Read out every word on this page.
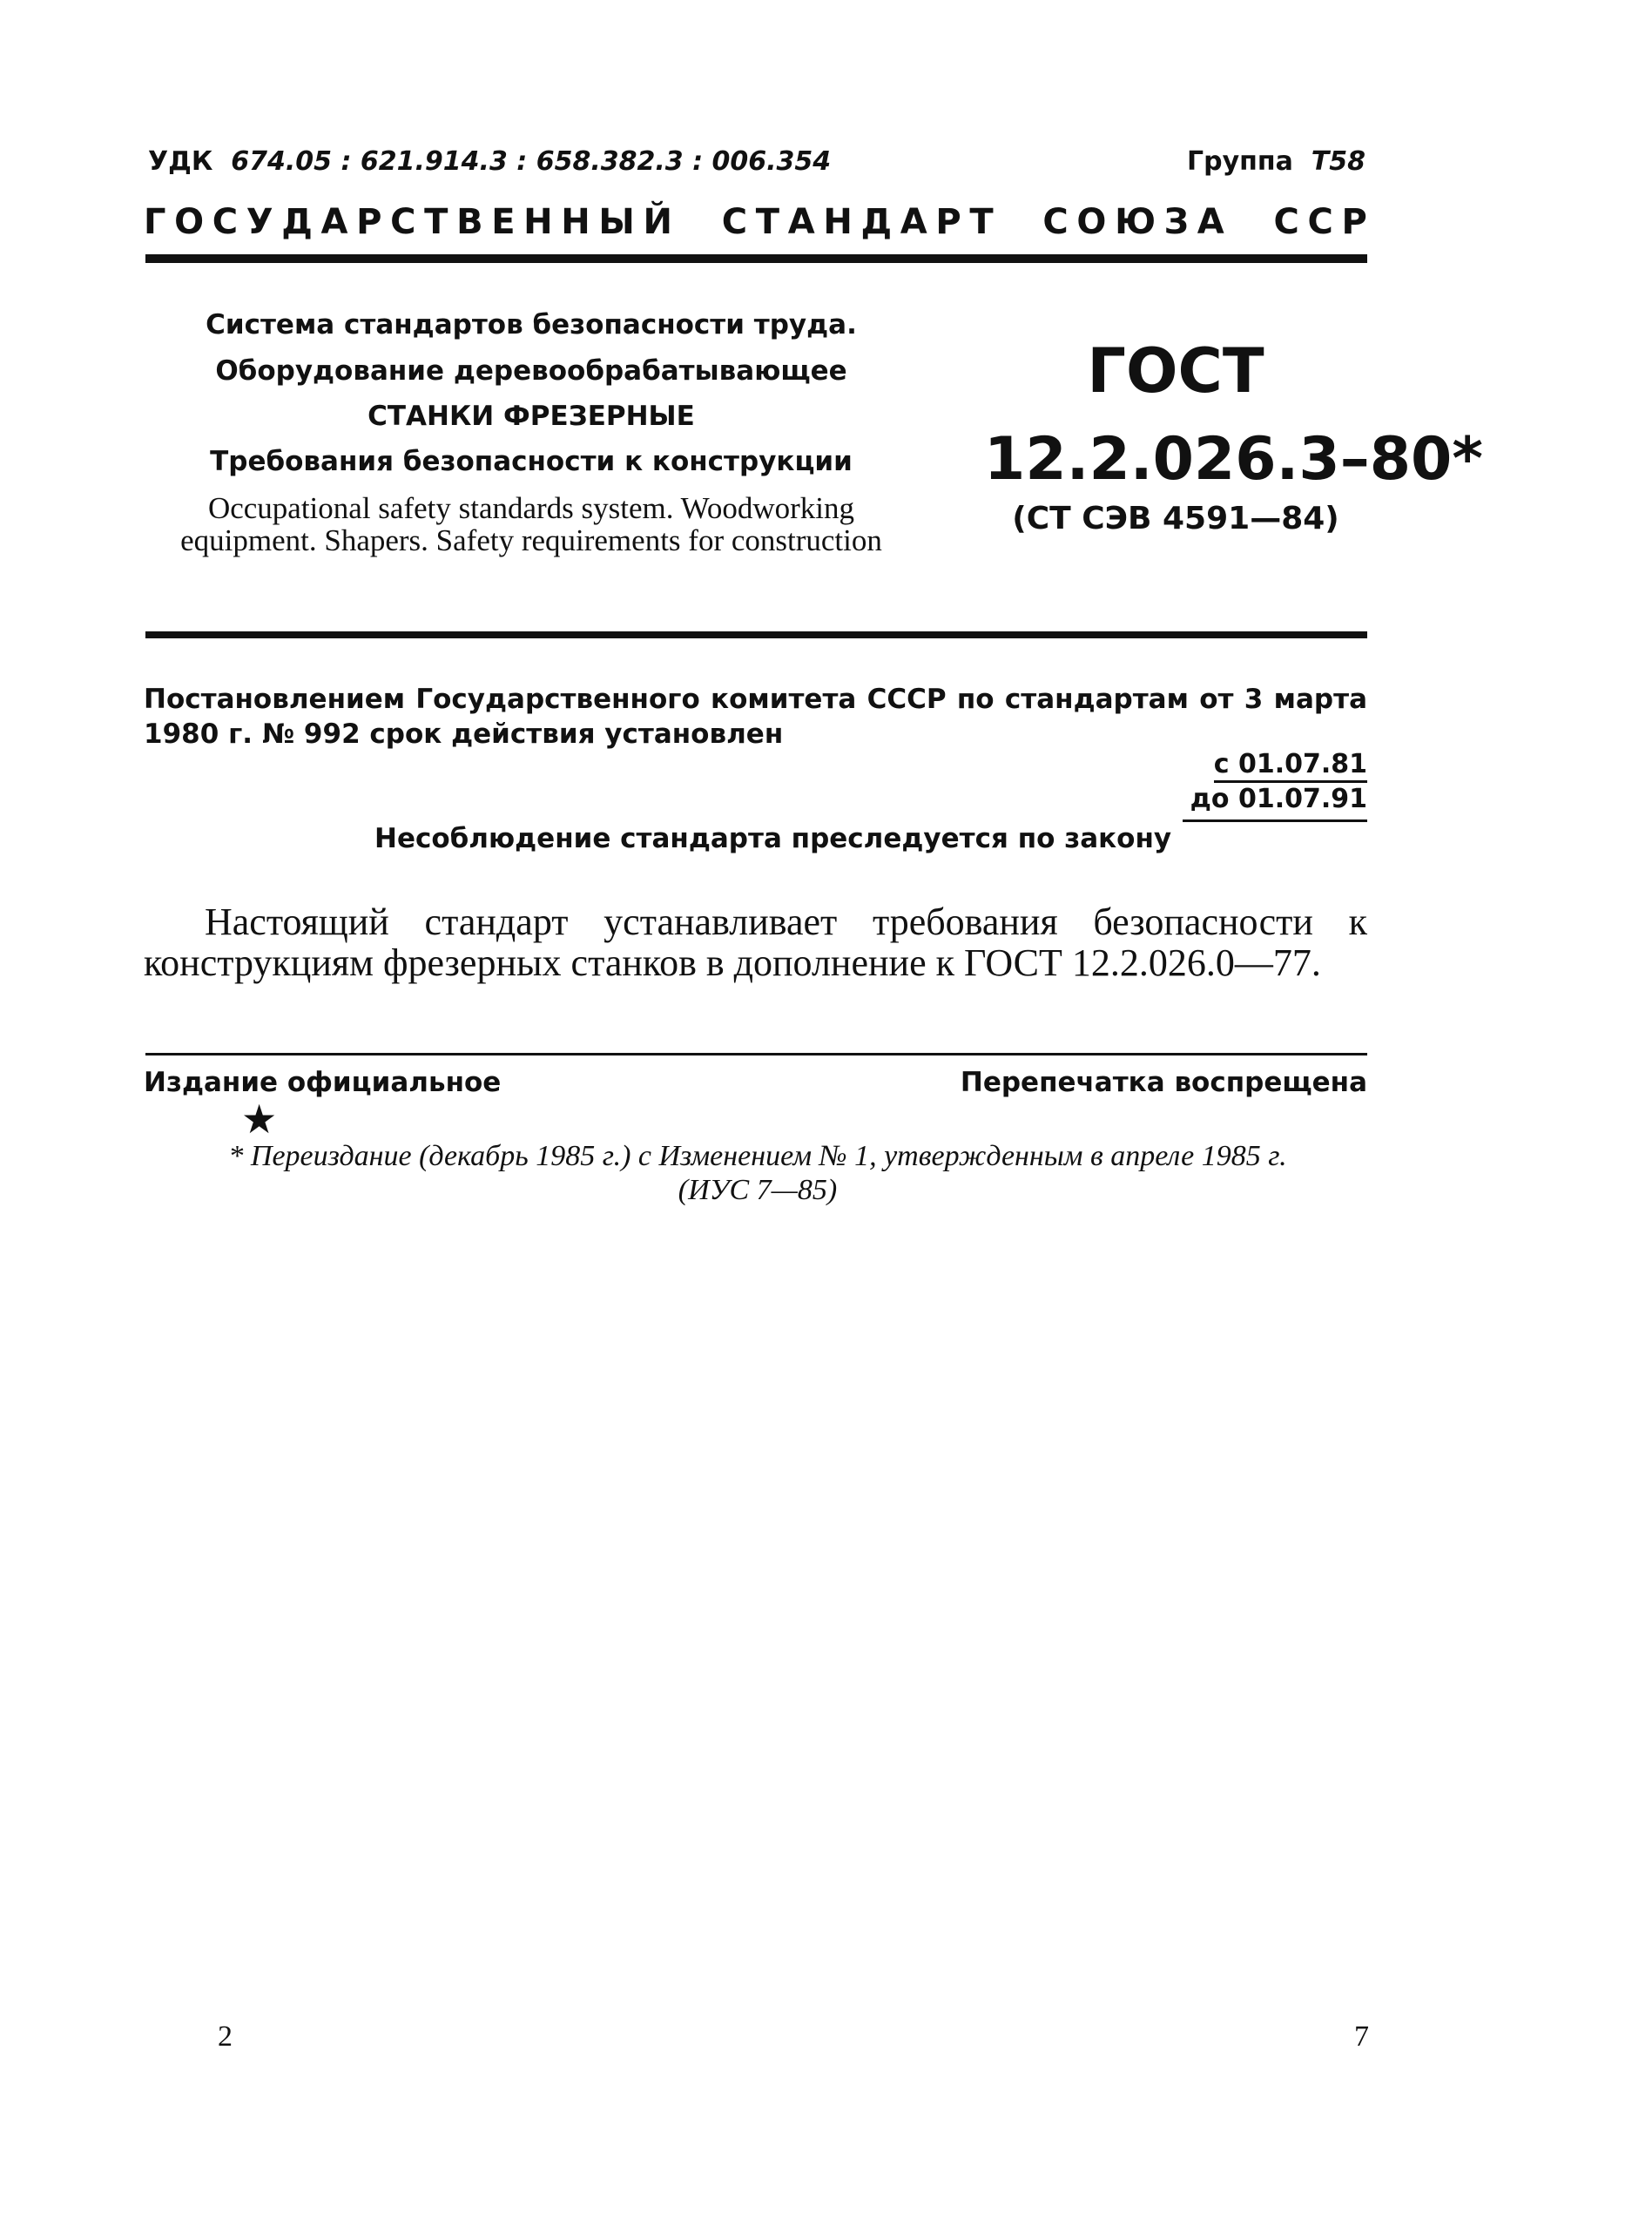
УДК 674.05 : 621.914.3 : 658.382.3 : 006.354	Группа Т58
Г О С У Д А Р С Т В Е Н Н Ы Й

С Т А Н Д А Р Т

С О Ю З А

С С Р
Система стандартов безопасности труда.
Оборудование деревообрабатывающее
СТАНКИ ФРЕЗЕРНЫЕ
Требования безопасности к конструкции
Occupational safety standards system. Woodworking equipment. Shapers. Safety requirements for construction
ГОСТ
12.2.026.3–80*
(СТ СЭВ 4591—84)
Постановлением Государственного комитета СССР по стандартам от 3 марта 1980 г. № 992 срок действия установлен
с 01.07.81
до 01.07.91
Несоблюдение стандарта преследуется по закону
Настоящий стандарт устанавливает требования безопасности к конструкциям фрезерных станков в дополнение к ГОСТ 12.2.026.0—77.
Издание официальное	Перепечатка воспрещена
★
* Переиздание (декабрь 1985 г.) с Изменением № 1, утвержденным в апреле 1985 г. (ИУС 7—85)
2	7
